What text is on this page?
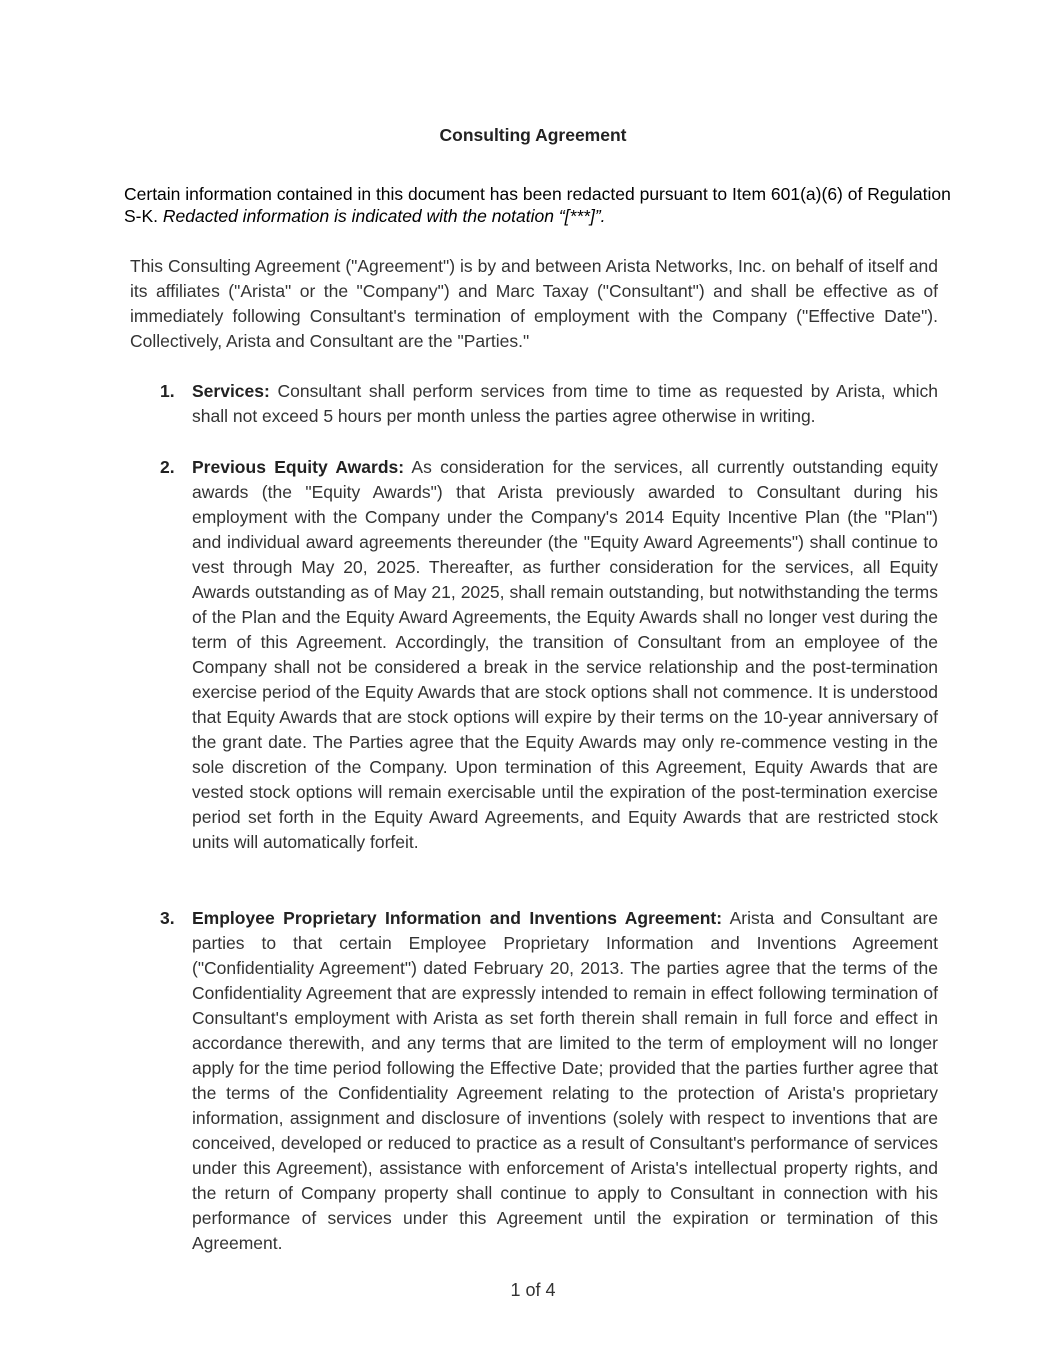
Consulting Agreement
Certain information contained in this document has been redacted pursuant to Item 601(a)(6) of Regulation S-K. Redacted information is indicated with the notation “[***]”.
This Consulting Agreement ("Agreement") is by and between Arista Networks, Inc. on behalf of itself and its affiliates ("Arista" or the "Company") and Marc Taxay ("Consultant") and shall be effective as of immediately following Consultant's termination of employment with the Company ("Effective Date"). Collectively, Arista and Consultant are the "Parties."
1. Services: Consultant shall perform services from time to time as requested by Arista, which shall not exceed 5 hours per month unless the parties agree otherwise in writing.
2. Previous Equity Awards: As consideration for the services, all currently outstanding equity awards (the "Equity Awards") that Arista previously awarded to Consultant during his employment with the Company under the Company's 2014 Equity Incentive Plan (the "Plan") and individual award agreements thereunder (the "Equity Award Agreements") shall continue to vest through May 20, 2025. Thereafter, as further consideration for the services, all Equity Awards outstanding as of May 21, 2025, shall remain outstanding, but notwithstanding the terms of the Plan and the Equity Award Agreements, the Equity Awards shall no longer vest during the term of this Agreement. Accordingly, the transition of Consultant from an employee of the Company shall not be considered a break in the service relationship and the post-termination exercise period of the Equity Awards that are stock options shall not commence. It is understood that Equity Awards that are stock options will expire by their terms on the 10-year anniversary of the grant date. The Parties agree that the Equity Awards may only re-commence vesting in the sole discretion of the Company. Upon termination of this Agreement, Equity Awards that are vested stock options will remain exercisable until the expiration of the post-termination exercise period set forth in the Equity Award Agreements, and Equity Awards that are restricted stock units will automatically forfeit.
3. Employee Proprietary Information and Inventions Agreement: Arista and Consultant are parties to that certain Employee Proprietary Information and Inventions Agreement ("Confidentiality Agreement") dated February 20, 2013. The parties agree that the terms of the Confidentiality Agreement that are expressly intended to remain in effect following termination of Consultant's employment with Arista as set forth therein shall remain in full force and effect in accordance therewith, and any terms that are limited to the term of employment will no longer apply for the time period following the Effective Date; provided that the parties further agree that the terms of the Confidentiality Agreement relating to the protection of Arista's proprietary information, assignment and disclosure of inventions (solely with respect to inventions that are conceived, developed or reduced to practice as a result of Consultant's performance of services under this Agreement), assistance with enforcement of Arista's intellectual property rights, and the return of Company property shall continue to apply to Consultant in connection with his performance of services under this Agreement until the expiration or termination of this Agreement.
1 of 4
